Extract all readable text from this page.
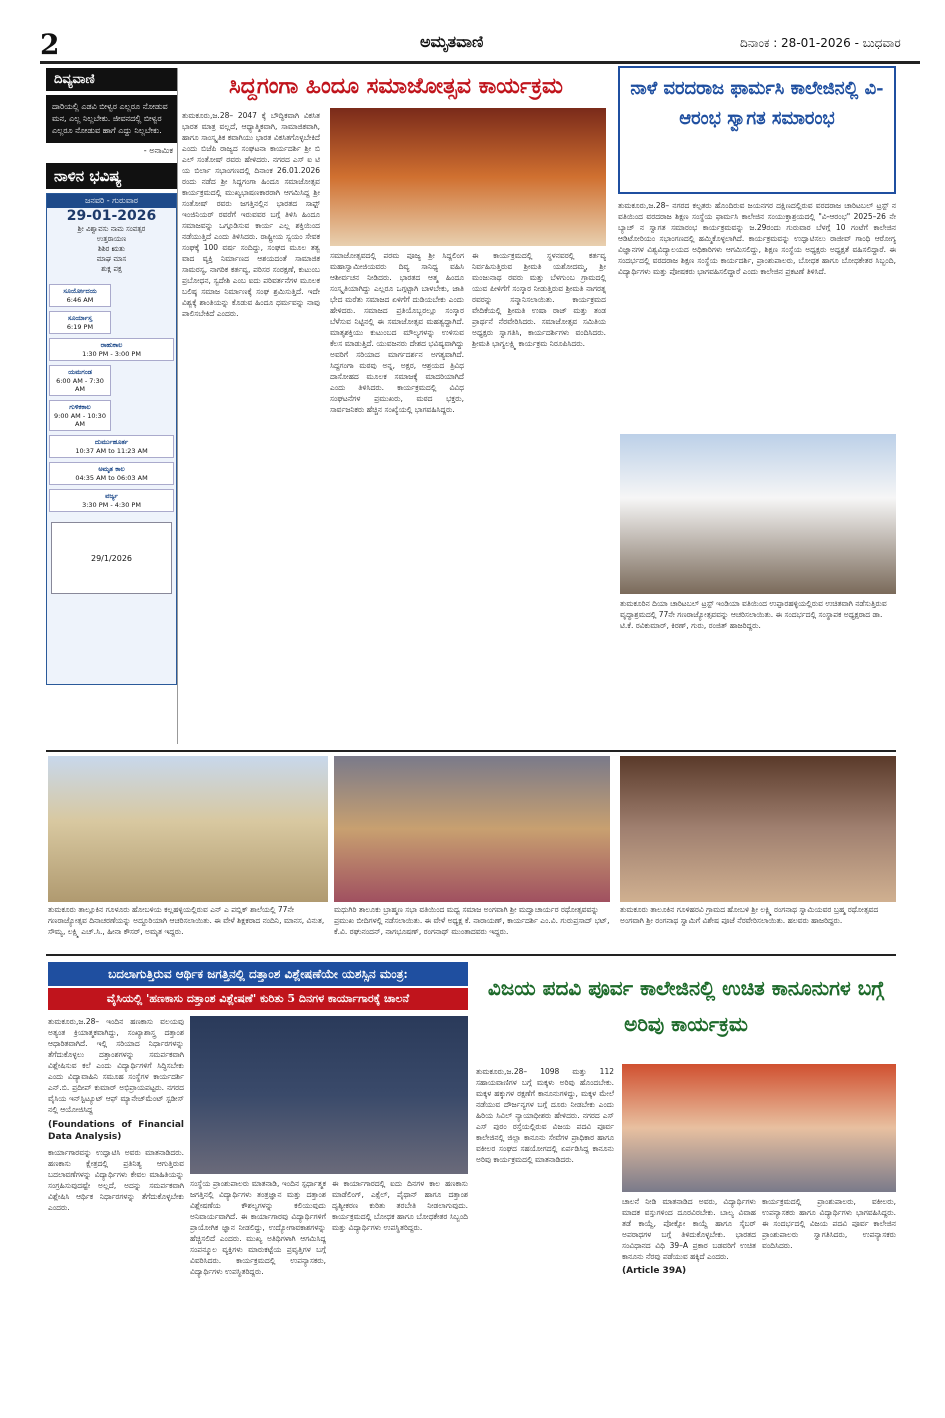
2	ಅಮೃತವಾಣಿ	ದಿನಾಂಕ : 28-01-2026 - ಬುಧವಾರ
ದಿವ್ಯವಾಣಿ
ದಾರಿಯಲ್ಲಿ ಎಡವಿ ಬೀಳ್ವರ ಎಲ್ಲರೂ ನೋಡುವ ಮನ, ಎಲ್ಲ ನಿಲ್ಲಬೇಕು. ಜೀವನದಲ್ಲಿ ಬೀಳ್ವರ ಎಲ್ಲರೂ ನೋಡುವ ಹಾಗೆ ಎದ್ದು ನಿಲ್ಲಬೇಕು.
- ಅನಾಮಿಕ
ನಾಳಿನ ಭವಿಷ್ಯ
ಜನವರಿ - ಗುರುವಾರ
29-01-2026
ಶ್ರೀ ವಿಶ್ವಾವಸು ನಾಮ ಸಂವತ್ಸರ
ಉತ್ತರಾಯಣ
ಶಿಶಿರ ಋತು
ಮಾಘ ಮಾಸ
ಶುಕ್ಲ ಪಕ್ಷ
ಸೂರ್ಯೋದಯ
6:46 AM
ಸೂರ್ಯಾಸ್ತ
6:19 PM
ರಾಹುಕಾಲ
1:30 PM - 3:00 PM
ಯಮಗಂಡ
6:00 AM - 7:30 AM
ಗುಳಿಕಕಾಲ
9:00 AM - 10:30 AM
ದುರ್ಮುಹೂರ್ತ
10:37 AM to 11:23 AM
ಅಮೃತ ಕಾಲ
04:35 AM to 06:03 AM
ವರ್ಜ್ಯ
3:30 PM - 4:30 PM
29/1/2026
ಸಿದ್ದಗಂಗಾ ಹಿಂದೂ ಸಮಾಜೋತ್ಸವ ಕಾರ್ಯಕ್ರಮ

ತುಮಕೂರು,ಜ.28– 2047 ಕ್ಕೆ ಬೌದ್ಧಿಕವಾಗಿ ವಿಕಸಿತ ಭಾರತ ಮಾತ್ರ ವಲ್ಲದೆ, ಆಧ್ಯಾತ್ಮಿಕವಾಗಿ, ಸಾಮಾಜಿಕವಾಗಿ, ಹಾಗೂ ಸಾಂಸ್ಕೃತಿಕ ಕವಾಗಿಯು ಭಾರತ ವಿಕಸಿತಗೊಳ್ಳಬೇಕಿದೆ ಎಂದು ಬಿಜೆಪಿ ರಾಜ್ಯದ ಸಂಘಟನಾ ಕಾರ್ಯದರ್ಶಿ ಶ್ರೀ ಬಿ ಎಲ್ ಸಂತೋಷ್ ರವರು ಹೇಳಿದರು. ನಗರದ ಎಸ್ ಐ ಟಿ ಯ ಬಿರ್ಲಾ ಸಭಾಂಗಣದಲ್ಲಿ ದಿನಾಂಕ 26.01.2026 ರಂದು ನಡೆದ ಶ್ರೀ ಸಿದ್ದಗಂಗಾ ಹಿಂದೂ ಸಮಾಜೋತ್ಸವ ಕಾರ್ಯಕ್ರಮದಲ್ಲಿ ಮುಖ್ಯಭಾಷಣಕಾರರಾಗಿ ಆಗಮಿಸಿದ್ದ ಶ್ರೀ ಸಂತೋಷ್ ರವರು ಜಗತ್ತಿನಲ್ಲಿನ ಭಾರತದ ಸಾಫ್ಟ್ ಇಂಜಿನಿಯರ್ ರವರೆಗೆ ಇರುವವರ ಬಗ್ಗೆ ತಿಳಿಸಿ ಹಿಂದೂ ಸಮಾಜವನ್ನು ಒಗ್ಗೂಡಿಸುವ ಕಾರ್ಯ ಎಲ್ಲ ಶಕ್ತಿಯಿಂದ ನಡೆಯುತ್ತಿದೆ ಎಂದು ತಿಳಿಸಿದರು. ರಾಷ್ಟ್ರೀಯ ಸ್ವಯಂ ಸೇವಕ ಸಂಘಕ್ಕೆ 100 ವರ್ಷ ಸಂದಿದ್ದು, ಸಂಘದ ಮೂಲ ತತ್ವ ವಾದ ವ್ಯಕ್ತಿ ನಿರ್ಮಾಣದ ಆಶಯದಂತೆ ಸಾಮಾಜಿಕ ಸಾಮರಸ್ಯ, ನಾಗರಿಕ ಕರ್ತವ್ಯ, ಪರಿಸರ ಸಂರಕ್ಷಣೆ, ಕುಟುಂಬ ಪ್ರಬೋಧನ, ಸ್ವದೇಶಿ ಎಂಬ ಐದು ಪರಿವರ್ತನೆಗಳ ಮೂಲಕ ಬಲಿಷ್ಠ ಸಮಾಜ ನಿರ್ಮಾಣಕ್ಕೆ ಸಂಘ ಶ್ರಮಿಸುತ್ತಿದೆ. ಇದೇ ವಿಶ್ವಕ್ಕೆ ಶಾಂತಿಯನ್ನು ಕೊಡುವ ಹಿಂದೂ ಧರ್ಮವನ್ನು ನಾವು ಪಾಲಿಸಬೇಕಿದೆ ಎಂದರು.

ಸಮಾಜೋತ್ಸವದಲ್ಲಿ ಪರಮ ಪೂಜ್ಯ ಶ್ರೀ ಸಿದ್ದಲಿಂಗ ಮಹಾಸ್ವಾಮೀಜಿಯವರು ದಿವ್ಯ ಸಾನಿಧ್ಯ ವಹಿಸಿ ಆಶೀರ್ವಚನ ನೀಡಿದರು. ಭಾರತದ ಆತ್ಮ ಹಿಂದೂ ಸಂಸ್ಕೃತಿಯಾಗಿದ್ದು ಎಲ್ಲರೂ ಒಗ್ಗಟ್ಟಾಗಿ ಬಾಳಬೇಕು, ಜಾತಿ ಭೇದ ಮರೆತು ಸಮಾಜದ ಏಳಿಗೆಗೆ ದುಡಿಯಬೇಕು ಎಂದು ಹೇಳಿದರು. ಸಮಾಜದ ಪ್ರತಿಯೊಬ್ಬರಲ್ಲೂ ಸಂಸ್ಕಾರ ಬೆಳೆಸುವ ನಿಟ್ಟಿನಲ್ಲಿ ಈ ಸಮಾಜೋತ್ಸವ ಮಹತ್ವದ್ದಾಗಿದೆ. ಮಾತೃಶಕ್ತಿಯು ಕುಟುಂಬದ ಮೌಲ್ಯಗಳನ್ನು ಉಳಿಸುವ ಕೆಲಸ ಮಾಡುತ್ತಿದೆ. ಯುವಜನರು ದೇಶದ ಭವಿಷ್ಯವಾಗಿದ್ದು ಅವರಿಗೆ ಸರಿಯಾದ ಮಾರ್ಗದರ್ಶನ ಅಗತ್ಯವಾಗಿದೆ. ಸಿದ್ದಗಂಗಾ ಮಠವು ಅನ್ನ, ಅಕ್ಷರ, ಆಶ್ರಯದ ತ್ರಿವಿಧ ದಾಸೋಹದ ಮೂಲಕ ಸಮಾಜಕ್ಕೆ ಮಾದರಿಯಾಗಿದೆ ಎಂದು ತಿಳಿಸಿದರು. ಕಾರ್ಯಕ್ರಮದಲ್ಲಿ ವಿವಿಧ ಸಂಘಟನೆಗಳ ಪ್ರಮುಖರು, ಮಠದ ಭಕ್ತರು, ಸಾರ್ವಜನಿಕರು ಹೆಚ್ಚಿನ ಸಂಖ್ಯೆಯಲ್ಲಿ ಭಾಗವಹಿಸಿದ್ದರು.

ಈ ಕಾರ್ಯಕ್ರಮದಲ್ಲಿ ಸ್ಥಳನವರಲ್ಲಿ ಕರ್ತವ್ಯ ನಿರ್ವಹಿಸುತ್ತಿರುವ ಶ್ರೀಮತಿ ಯಶೋದಮ್ಮ, ಶ್ರೀ ಮಂಜುನಾಥ ರವರು ಮತ್ತು ಬೆಳಗುಂಬ ಗ್ರಾಮದಲ್ಲಿ ಯುವ ಪೀಳಿಗೆಗೆ ಸಂಸ್ಕಾರ ನೀಡುತ್ತಿರುವ ಶ್ರೀಮತಿ ನಾಗರತ್ನ ರವರನ್ನು ಸನ್ಮಾನಿಸಲಾಯಿತು. ಕಾರ್ಯಕ್ರಮದ ವೇದಿಕೆಯಲ್ಲಿ ಶ್ರೀಮತಿ ಉಷಾ ರಾಜ್ ಮತ್ತು ತಂಡ ಪ್ರಾರ್ಥನೆ ನೆರವೇರಿಸಿದರು. ಸಮಾಜೋತ್ಸವ ಸಮಿತಿಯ ಅಧ್ಯಕ್ಷರು ಸ್ವಾಗತಿಸಿ, ಕಾರ್ಯದರ್ಶಿಗಳು ವಂದಿಸಿದರು. ಶ್ರೀಮತಿ ಭಾಗ್ಯಲಕ್ಷ್ಮಿ ಕಾರ್ಯಕ್ರಮ ನಿರೂಪಿಸಿದರು.

ನಾಳೆ ವರದರಾಜ ಫಾರ್ಮಸಿ ಕಾಲೇಜಿನಲ್ಲಿ ವಿ-ಆರಂಭ ಸ್ವಾಗತ ಸಮಾರಂಭ

ತುಮಕೂರು,ಜ.28– ನಗರದ ಕಲ್ಪತರು ಹೊಂದಿರುವ ಜಯನಗರ ದಕ್ಷಿಣದಲ್ಲಿರುವ ವರದರಾಜ ಚಾರಿಟಬಲ್ ಟ್ರಸ್ಟ್ ನ ವತಿಯಿಂದ ವರದರಾಜ ಶಿಕ್ಷಣ ಸಂಸ್ಥೆಯ ಫಾರ್ಮಸಿ ಕಾಲೇಜಿನ ಸಂಯುಕ್ತಾಶ್ರಯದಲ್ಲಿ "ವಿ-ಆರಂಭ" 2025–26 ನೇ ಬ್ಯಾಚ್ ನ ಸ್ವಾಗತ ಸಮಾರಂಭ ಕಾರ್ಯಕ್ರಮವನ್ನು ಜ.29ರಂದು ಗುರುವಾರ ಬೆಳಗ್ಗೆ 10 ಗಂಟೆಗೆ ಕಾಲೇಜಿನ ಆಡಿಟೋರಿಯಂ ಸಭಾಂಗಣದಲ್ಲಿ ಹಮ್ಮಿಕೊಳ್ಳಲಾಗಿದೆ. ಕಾರ್ಯಕ್ರಮವನ್ನು ಉದ್ಘಾಟಿಸಲು ರಾಜೀವ್ ಗಾಂಧಿ ಆರೋಗ್ಯ ವಿಜ್ಞಾನಗಳ ವಿಶ್ವವಿದ್ಯಾಲಯದ ಅಧಿಕಾರಿಗಳು ಆಗಮಿಸಲಿದ್ದು, ಶಿಕ್ಷಣ ಸಂಸ್ಥೆಯ ಅಧ್ಯಕ್ಷರು ಅಧ್ಯಕ್ಷತೆ ವಹಿಸಲಿದ್ದಾರೆ. ಈ ಸಂದರ್ಭದಲ್ಲಿ ವರದರಾಜ ಶಿಕ್ಷಣ ಸಂಸ್ಥೆಯ ಕಾರ್ಯದರ್ಶಿ, ಪ್ರಾಂಶುಪಾಲರು, ಬೋಧಕ ಹಾಗೂ ಬೋಧಕೇತರ ಸಿಬ್ಬಂದಿ, ವಿದ್ಯಾರ್ಥಿಗಳು ಮತ್ತು ಪೋಷಕರು ಭಾಗವಹಿಸಲಿದ್ದಾರೆ ಎಂದು ಕಾಲೇಜಿನ ಪ್ರಕಟಣೆ ತಿಳಿಸಿದೆ.

ತುಮಕೂರಿನ ದಿಯಾ ಚಾರಿಟಬಲ್ ಟ್ರಸ್ಟ್ ಇಂಡಿಯಾ ವತಿಯಿಂದ ಉಪ್ಪಾರಹಳ್ಳಿಯಲ್ಲಿರುವ ಉಚಿತವಾಗಿ ನಡೆಸುತ್ತಿರುವ ವೃದ್ಧಾಶ್ರಮದಲ್ಲಿ 77ನೇ ಗಣರಾಜ್ಯೋತ್ಸವವನ್ನು ಆಚರಿಸಲಾಯಿತು. ಈ ಸಂದರ್ಭದಲ್ಲಿ ಸಂಸ್ಥಾಪಕ ಅಧ್ಯಕ್ಷರಾದ ಡಾ. ಟಿ.ಕೆ. ರವಿಕುಮಾರ್, ಕಿರಣ್, ಗುರು, ರಂಜಿತ್ ಹಾಜರಿದ್ದರು.
ತುಮಕೂರು ತಾಲ್ಲೂಕಿನ ಗೂಳೂರು ಹೋಬಳಿಯ ಕಲ್ಲಹಳ್ಳಿಯಲ್ಲಿರುವ ಎನ್ ಎ ಪಬ್ಲಿಕ್ ಶಾಲೆಯಲ್ಲಿ 77ನೇ ಗಣರಾಜ್ಯೋತ್ಸವ ದಿನಾಚರಣೆಯನ್ನು ಅದ್ದೂರಿಯಾಗಿ ಆಚರಿಸಲಾಯಿತು. ಈ ವೇಳೆ ಶಿಕ್ಷಕರಾದ ನಂದಿನಿ, ಮಾನಸ, ವಿನುತ, ಸೌಮ್ಯ, ಲಕ್ಷ್ಮಿ ಎಚ್.ಸಿ., ಹೀನಾ ಕೌಸರ್, ಅಮೃತ ಇದ್ದರು.
ಮಧುಗಿರಿ ತಾಲೂಕು ಬ್ರಾಹ್ಮಣ ಸಭಾ ವತಿಯಿಂದ ಮಧ್ವ ಸಮಾಜ ಅಂಗವಾಗಿ ಶ್ರೀ ಮದ್ವಾಚಾರ್ಯರ ರಥೋತ್ಸವವನ್ನು ಪ್ರಮುಖ ಬೀದಿಗಳಲ್ಲಿ ನಡೆಸಲಾಯಿತು. ಈ ವೇಳೆ ಅಧ್ಯಕ್ಷ ಕೆ. ನಾರಾಯಣ್, ಕಾರ್ಯದರ್ಶಿ ಎಂ.ವಿ. ಗುರುಪ್ರಸಾದ್ ಭಟ್, ಕೆ.ವಿ. ರಘುನಂದನ್, ನಾಗಭೂಷಣ್, ರಂಗನಾಥ್ ಮುಂತಾದವರು ಇದ್ದರು.
ತುಮಕೂರು ತಾಲೂಕಿನ ಗೂಳಿಹರವಿ ಗ್ರಾಮದ ಹೋಬಳಿ ಶ್ರೀ ಲಕ್ಷ್ಮಿ ರಂಗನಾಥ ಸ್ವಾಮಿಯವರ ಬ್ರಹ್ಮ ರಥೋತ್ಸವದ ಅಂಗವಾಗಿ ಶ್ರೀ ರಂಗನಾಥ ಸ್ವಾಮಿಗೆ ವಿಶೇಷ ಪೂಜೆ ನೆರವೇರಿಸಲಾಯಿತು. ಹಲವರು ಹಾಜರಿದ್ದರು.
ಬದಲಾಗುತ್ತಿರುವ ಆರ್ಥಿಕ ಜಗತ್ತಿನಲ್ಲಿ ದತ್ತಾಂಶ ವಿಶ್ಲೇಷಣೆಯೇ ಯಶಸ್ಸಿನ ಮಂತ್ರ:
ವೈಸಿಯಲ್ಲಿ 'ಹಣಕಾಸು ದತ್ತಾಂಶ ವಿಶ್ಲೇಷಣೆ' ಕುರಿತು 5 ದಿನಗಳ ಕಾರ್ಯಾಗಾರಕ್ಕೆ ಚಾಲನೆ

ತುಮಕೂರು,ಜ.28– ಇಂದಿನ ಹಣಕಾಸು ವಲಯವು ಅತ್ಯಂತ ಕ್ರಿಯಾತ್ಮಕವಾಗಿದ್ದು, ಸಂಖ್ಯಾಶಾಸ್ತ್ರ ದತ್ತಾಂಶ ಆಧಾರಿತವಾಗಿದೆ. ಇಲ್ಲಿ ಸರಿಯಾದ ನಿರ್ಧಾರಗಳನ್ನು ತೆಗೆದುಕೊಳ್ಳಲು ದತ್ತಾಂಶಗಳನ್ನು ಸಮರ್ಪಕವಾಗಿ ವಿಶ್ಲೇಷಿಸುವ ಕಲೆ ಎಂದು ವಿದ್ಯಾರ್ಥಿಗಳಿಗೆ ಸಿದ್ಧಿಸಬೇಕು ಎಂದು ವಿದ್ಯಾವಾಹಿನಿ ಸಮೂಹ ಸಂಸ್ಥೆಗಳ ಕಾರ್ಯದರ್ಶಿ ಎನ್.ಬಿ. ಪ್ರದೀಪ್ ಕುಮಾರ್ ಅಭಿಪ್ರಾಯಪಟ್ಟರು. ನಗರದ ವೈಸಿಯ ಇನ್‌ಸ್ಟಿಟ್ಯೂಟ್ ಆಫ್ ಮ್ಯಾನೇಜ್‌ಮೆಂಟ್ ಸ್ಟಡೀಸ್ ನಲ್ಲಿ ಆಯೋಜಿಸಿದ್ದ

(Foundations of Financial Data Analysis)

ಕಾರ್ಯಾಗಾರವನ್ನು ಉದ್ಘಾಟಿಸಿ ಅವರು ಮಾತನಾಡಿದರು. ಹಣಕಾಸು ಕ್ಷೇತ್ರದಲ್ಲಿ ಪ್ರತಿನಿತ್ಯ ಆಗುತ್ತಿರುವ ಬದಲಾವಣೆಗಳನ್ನು ವಿದ್ಯಾರ್ಥಿಗಳು ಕೇವಲ ಮಾಹಿತಿಯನ್ನು ಸಂಗ್ರಹಿಸುವುದಷ್ಟೇ ಅಲ್ಲದೆ, ಅದನ್ನು ಸಮರ್ಪಕವಾಗಿ ವಿಶ್ಲೇಷಿಸಿ ಆರ್ಥಿಕ ನಿರ್ಧಾರಗಳನ್ನು ತೆಗೆದುಕೊಳ್ಳಬೇಕು ಎಂದರು.

ಸಂಸ್ಥೆಯ ಪ್ರಾಂಶುಪಾಲರು ಮಾತನಾಡಿ, ಇಂದಿನ ಸ್ಪರ್ಧಾತ್ಮಕ ಜಗತ್ತಿನಲ್ಲಿ ವಿದ್ಯಾರ್ಥಿಗಳು ತಂತ್ರಜ್ಞಾನ ಮತ್ತು ದತ್ತಾಂಶ ವಿಶ್ಲೇಷಣೆಯ ಕೌಶಲ್ಯಗಳನ್ನು ಕಲಿಯುವುದು ಅನಿವಾರ್ಯವಾಗಿದೆ. ಈ ಕಾರ್ಯಾಗಾರವು ವಿದ್ಯಾರ್ಥಿಗಳಿಗೆ ಪ್ರಾಯೋಗಿಕ ಜ್ಞಾನ ನೀಡಲಿದ್ದು, ಉದ್ಯೋಗಾವಕಾಶಗಳನ್ನು ಹೆಚ್ಚಿಸಲಿದೆ ಎಂದರು. ಮುಖ್ಯ ಅತಿಥಿಗಳಾಗಿ ಆಗಮಿಸಿದ್ದ ಸಂಪನ್ಮೂಲ ವ್ಯಕ್ತಿಗಳು ಮಾರುಕಟ್ಟೆಯ ಪ್ರವೃತ್ತಿಗಳ ಬಗ್ಗೆ ವಿವರಿಸಿದರು. ಕಾರ್ಯಕ್ರಮದಲ್ಲಿ ಉಪನ್ಯಾಸಕರು, ವಿದ್ಯಾರ್ಥಿಗಳು ಉಪಸ್ಥಿತರಿದ್ದರು.

ಈ ಕಾರ್ಯಾಗಾರದಲ್ಲಿ ಐದು ದಿನಗಳ ಕಾಲ ಹಣಕಾಸು ಮಾಡೆಲಿಂಗ್, ಎಕ್ಸೆಲ್, ಪೈಥಾನ್ ಹಾಗೂ ದತ್ತಾಂಶ ದೃಶ್ಯೀಕರಣ ಕುರಿತು ತರಬೇತಿ ನೀಡಲಾಗುವುದು. ಕಾರ್ಯಕ್ರಮದಲ್ಲಿ ಬೋಧಕ ಹಾಗೂ ಬೋಧಕೇತರ ಸಿಬ್ಬಂದಿ ಮತ್ತು ವಿದ್ಯಾರ್ಥಿಗಳು ಉಪಸ್ಥಿತರಿದ್ದರು.

ವಿಜಯ ಪದವಿ ಪೂರ್ವ ಕಾಲೇಜಿನಲ್ಲಿ ಉಚಿತ ಕಾನೂನುಗಳ ಬಗ್ಗೆ ಅರಿವು ಕಾರ್ಯಕ್ರಮ

ತುಮಕೂರು,ಜ.28– 1098 ಮತ್ತು 112 ಸಹಾಯವಾಣಿಗಳ ಬಗ್ಗೆ ಮಕ್ಕಳು ಅರಿವು ಹೊಂದಬೇಕು. ಮಕ್ಕಳ ಹಕ್ಕುಗಳ ರಕ್ಷಣೆಗೆ ಕಾನೂನುಗಳಿದ್ದು, ಮಕ್ಕಳ ಮೇಲೆ ನಡೆಯುವ ದೌರ್ಜನ್ಯಗಳ ಬಗ್ಗೆ ದೂರು ನೀಡಬೇಕು ಎಂದು ಹಿರಿಯ ಸಿವಿಲ್ ನ್ಯಾಯಾಧೀಶರು ಹೇಳಿದರು. ನಗರದ ಎಸ್ ಎಸ್ ಪುರಂ ರಸ್ತೆಯಲ್ಲಿರುವ ವಿಜಯ ಪದವಿ ಪೂರ್ವ ಕಾಲೇಜಿನಲ್ಲಿ ಜಿಲ್ಲಾ ಕಾನೂನು ಸೇವೆಗಳ ಪ್ರಾಧಿಕಾರ ಹಾಗೂ ವಕೀಲರ ಸಂಘದ ಸಹಯೋಗದಲ್ಲಿ ಏರ್ಪಡಿಸಿದ್ದ ಕಾನೂನು ಅರಿವು ಕಾರ್ಯಕ್ರಮದಲ್ಲಿ ಮಾತನಾಡಿದರು.

ಚಾಲನೆ ನೀಡಿ ಮಾತನಾಡಿದ ಅವರು, ವಿದ್ಯಾರ್ಥಿಗಳು ಮಾದಕ ವಸ್ತುಗಳಿಂದ ದೂರವಿರಬೇಕು. ಬಾಲ್ಯ ವಿವಾಹ ತಡೆ ಕಾಯ್ದೆ, ಪೋಕ್ಸೋ ಕಾಯ್ದೆ ಹಾಗೂ ಸೈಬರ್ ಅಪರಾಧಗಳ ಬಗ್ಗೆ ತಿಳಿದುಕೊಳ್ಳಬೇಕು. ಭಾರತದ ಸಂವಿಧಾನದ ವಿಧಿ 39–A ಪ್ರಕಾರ ಬಡವರಿಗೆ ಉಚಿತ ಕಾನೂನು ನೆರವು ಪಡೆಯುವ ಹಕ್ಕಿದೆ ಎಂದರು.

(Article 39A)

ಕಾರ್ಯಕ್ರಮದಲ್ಲಿ ಪ್ರಾಂಶುಪಾಲರು, ವಕೀಲರು, ಉಪನ್ಯಾಸಕರು ಹಾಗೂ ವಿದ್ಯಾರ್ಥಿಗಳು ಭಾಗವಹಿಸಿದ್ದರು. ಈ ಸಂದರ್ಭದಲ್ಲಿ ವಿಜಯ ಪದವಿ ಪೂರ್ವ ಕಾಲೇಜಿನ ಪ್ರಾಂಶುಪಾಲರು ಸ್ವಾಗತಿಸಿದರು, ಉಪನ್ಯಾಸಕರು ವಂದಿಸಿದರು.
